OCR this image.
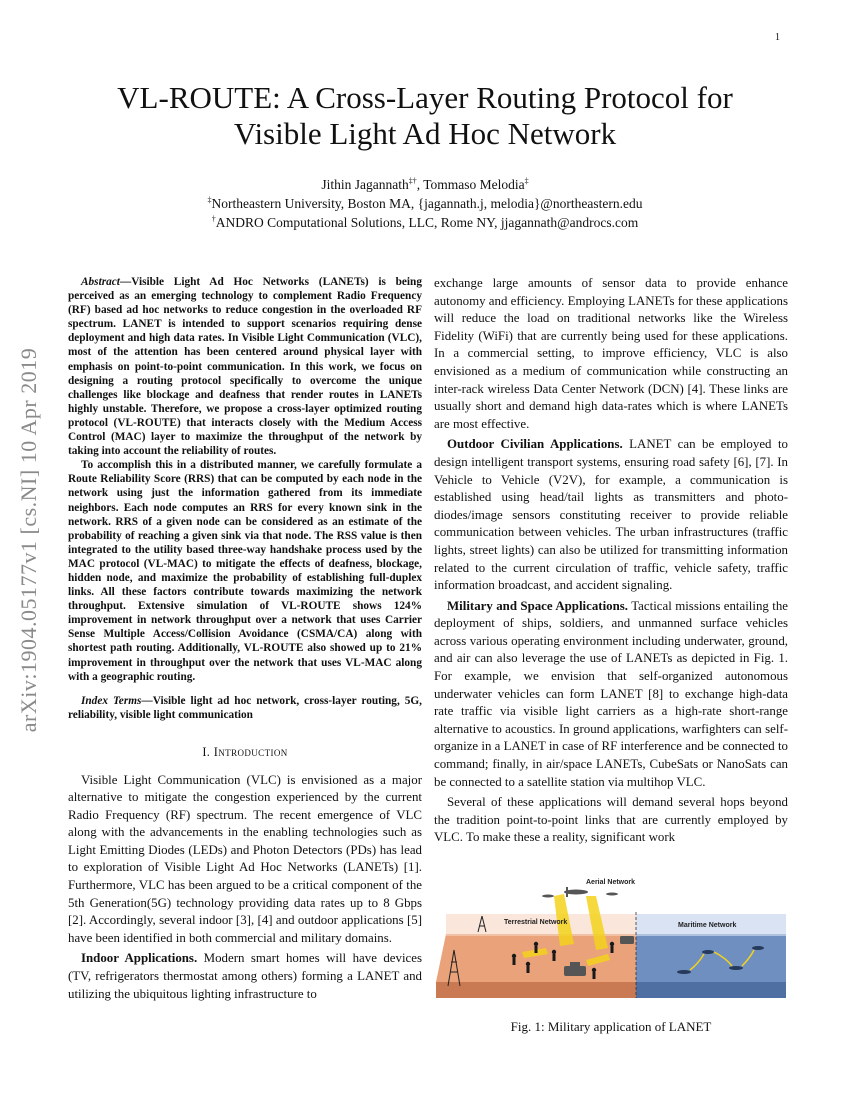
1
arXiv:1904.05177v1 [cs.NI] 10 Apr 2019
VL-ROUTE: A Cross-Layer Routing Protocol for Visible Light Ad Hoc Network
Jithin Jagannath‡†, Tommaso Melodia‡
‡Northeastern University, Boston MA, {jagannath.j, melodia}@northeastern.edu
†ANDRO Computational Solutions, LLC, Rome NY, jjagannath@androcs.com

Abstract—Visible Light Ad Hoc Networks (LANETs) is being perceived as an emerging technology to complement Radio Frequency (RF) based ad hoc networks to reduce congestion in the overloaded RF spectrum. LANET is intended to support scenarios requiring dense deployment and high data rates. In Visible Light Communication (VLC), most of the attention has been centered around physical layer with emphasis on point-to-point communication. In this work, we focus on designing a routing protocol specifically to overcome the unique challenges like blockage and deafness that render routes in LANETs highly unstable. Therefore, we propose a cross-layer optimized routing protocol (VL-ROUTE) that interacts closely with the Medium Access Control (MAC) layer to maximize the throughput of the network by taking into account the reliability of routes.

To accomplish this in a distributed manner, we carefully formulate a Route Reliability Score (RRS) that can be computed by each node in the network using just the information gathered from its immediate neighbors. Each node computes an RRS for every known sink in the network. RRS of a given node can be considered as an estimate of the probability of reaching a given sink via that node. The RSS value is then integrated to the utility based three-way handshake process used by the MAC protocol (VL-MAC) to mitigate the effects of deafness, blockage, hidden node, and maximize the probability of establishing full-duplex links. All these factors contribute towards maximizing the network throughput. Extensive simulation of VL-ROUTE shows 124% improvement in network throughput over a network that uses Carrier Sense Multiple Access/Collision Avoidance (CSMA/CA) along with shortest path routing. Additionally, VL-ROUTE also showed up to 21% improvement in throughput over the network that uses VL-MAC along with a geographic routing.

Index Terms—Visible light ad hoc network, cross-layer routing, 5G, reliability, visible light communication

I. Introduction

Visible Light Communication (VLC) is envisioned as a major alternative to mitigate the congestion experienced by the current Radio Frequency (RF) spectrum. The recent emergence of VLC along with the advancements in the enabling technologies such as Light Emitting Diodes (LEDs) and Photon Detectors (PDs) has lead to exploration of Visible Light Ad Hoc Networks (LANETs) [1]. Furthermore, VLC has been argued to be a critical component of the 5th Generation(5G) technology providing data rates up to 8 Gbps [2]. Accordingly, several indoor [3], [4] and outdoor applications [5] have been identified in both commercial and military domains.

Indoor Applications. Modern smart homes will have devices (TV, refrigerators thermostat among others) forming a LANET and utilizing the ubiquitous lighting infrastructure to

exchange large amounts of sensor data to provide enhance autonomy and efficiency. Employing LANETs for these applications will reduce the load on traditional networks like the Wireless Fidelity (WiFi) that are currently being used for these applications. In a commercial setting, to improve efficiency, VLC is also envisioned as a medium of communication while constructing an inter-rack wireless Data Center Network (DCN) [4]. These links are usually short and demand high data-rates which is where LANETs are most effective.

Outdoor Civilian Applications. LANET can be employed to design intelligent transport systems, ensuring road safety [6], [7]. In Vehicle to Vehicle (V2V), for example, a communication is established using head/tail lights as transmitters and photo-diodes/image sensors constituting receiver to provide reliable communication between vehicles. The urban infrastructures (traffic lights, street lights) can also be utilized for transmitting information related to the current circulation of traffic, vehicle safety, traffic information broadcast, and accident signaling.

Military and Space Applications. Tactical missions entailing the deployment of ships, soldiers, and unmanned surface vehicles across various operating environment including underwater, ground, and air can also leverage the use of LANETs as depicted in Fig. 1. For example, we envision that self-organized autonomous underwater vehicles can form LANET [8] to exchange high-data rate traffic via visible light carriers as a high-rate short-range alternative to acoustics. In ground applications, warfighters can self-organize in a LANET in case of RF interference and be connected to command; finally, in air/space LANETs, CubeSats or NanoSats can be connected to a satellite station via multihop VLC.

Several of these applications will demand several hops beyond the tradition point-to-point links that are currently employed by VLC. To make these a reality, significant work

Aerial Network
Terrestrial Network	Maritime Network
Fig. 1: Military application of LANET
